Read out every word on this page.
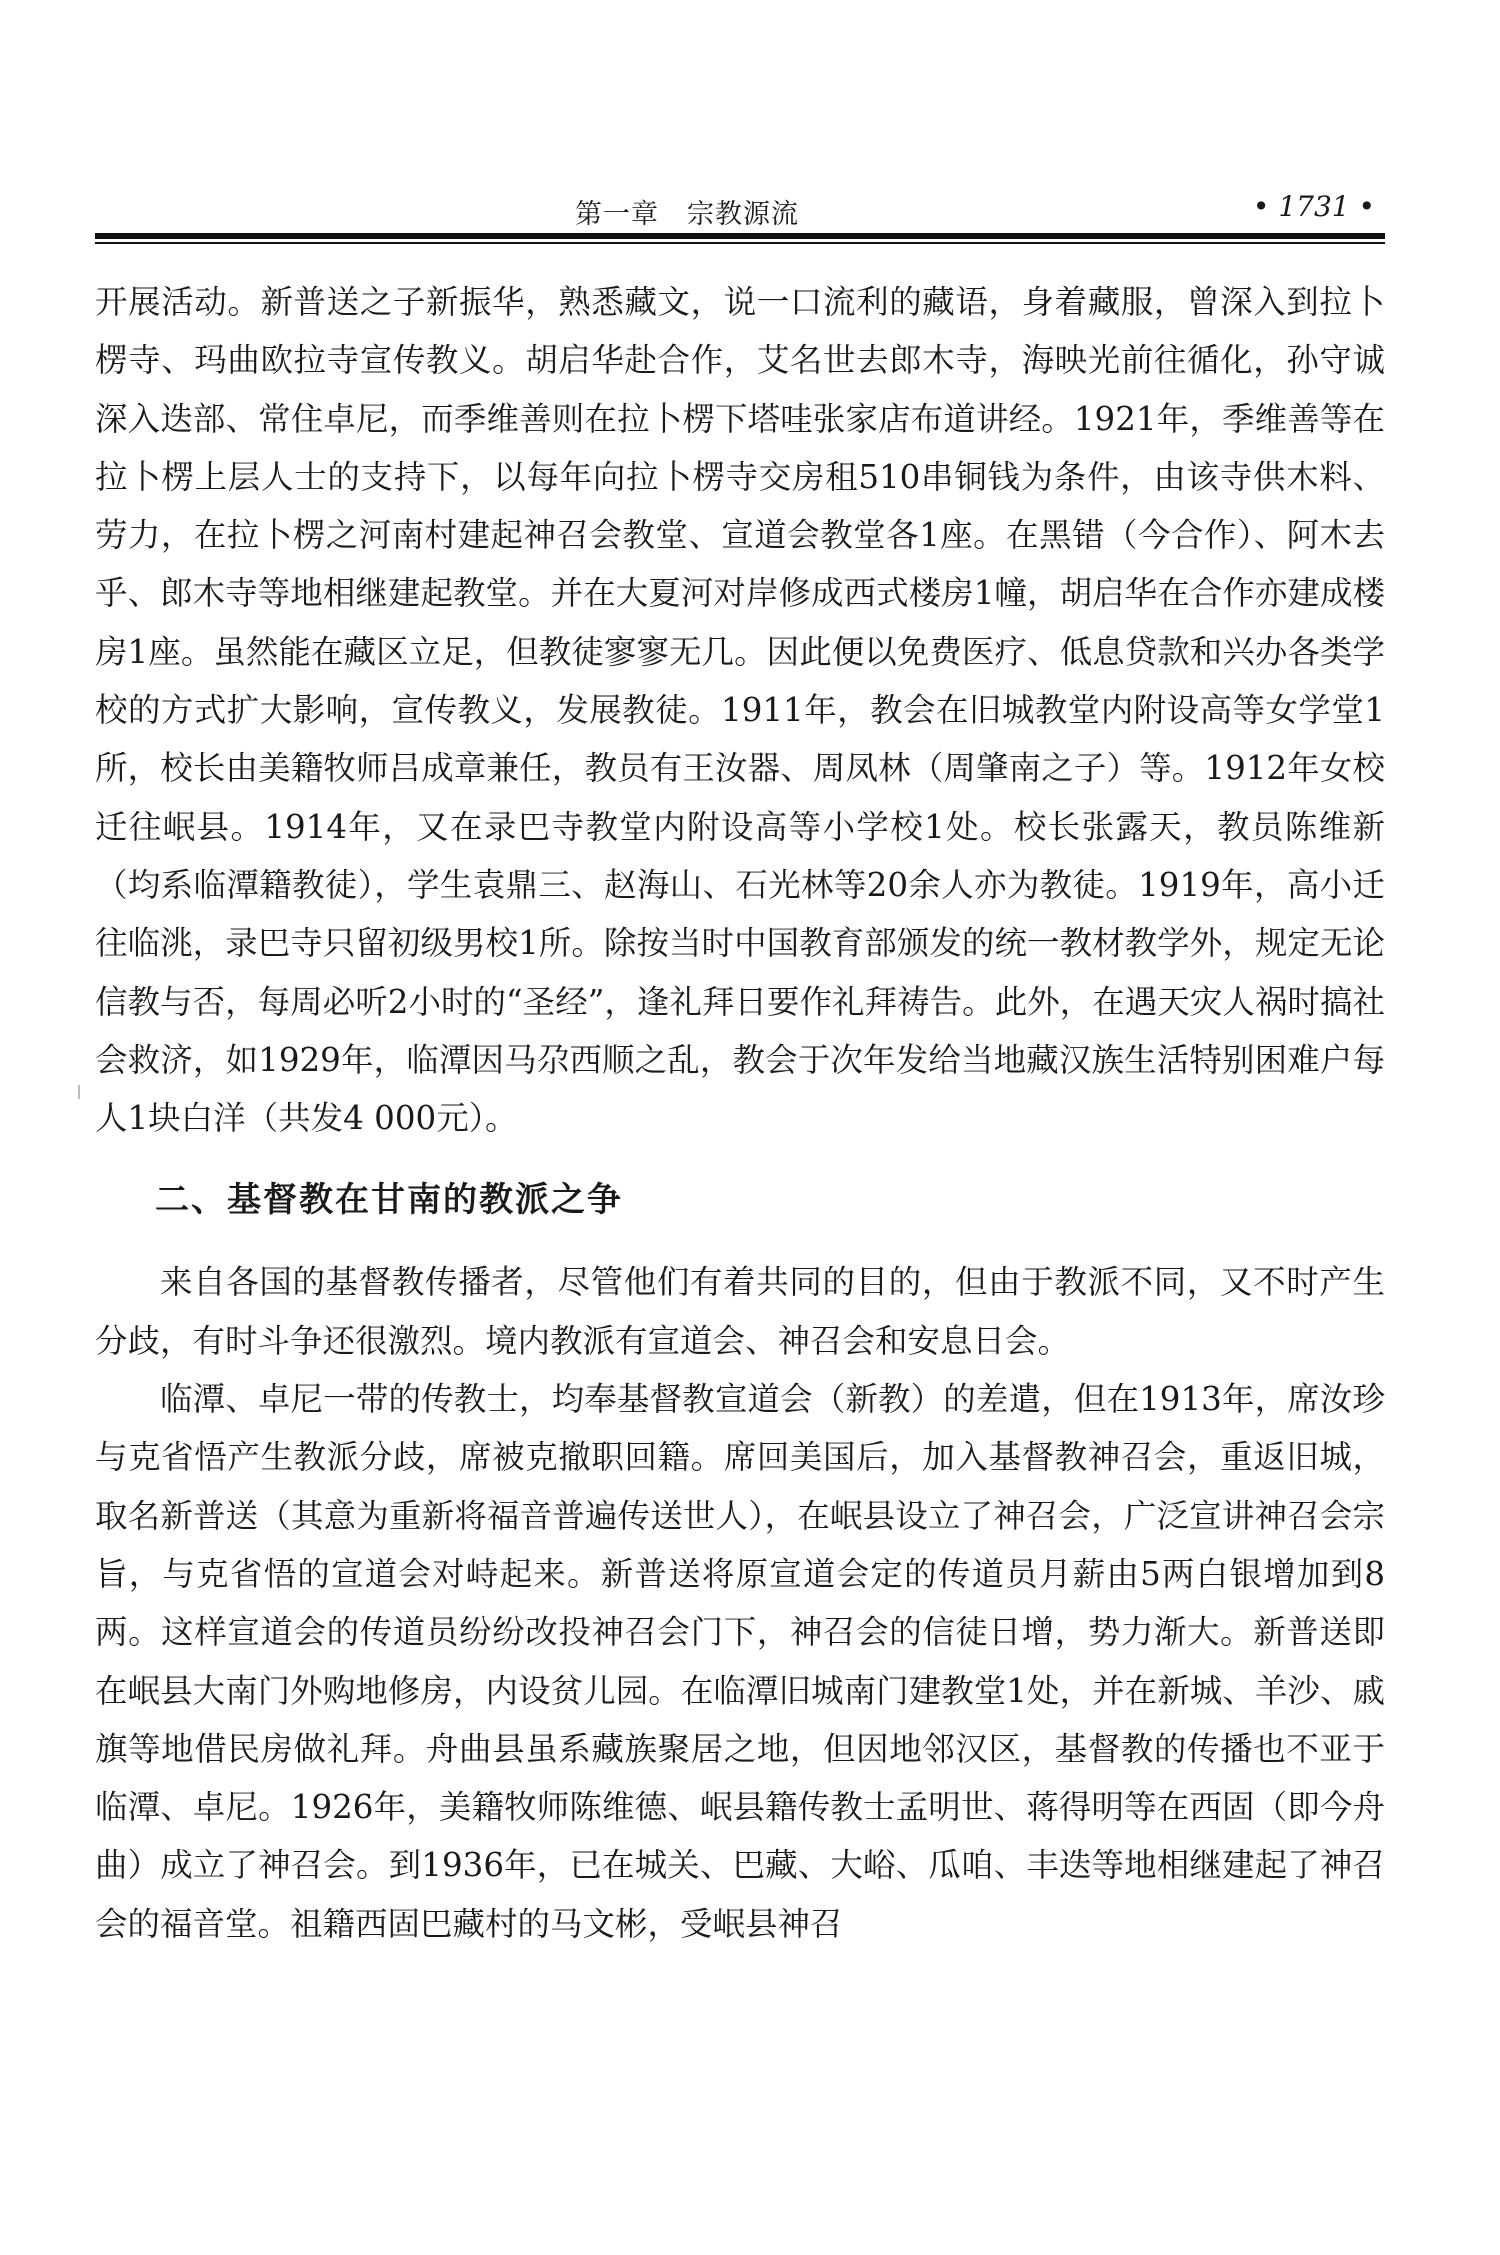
第一章　宗教源流	• 1731 •

开展活动。新普送之子新振华，熟悉藏文，说一口流利的藏语，身着藏服，曾深入到拉卜楞寺、玛曲欧拉寺宣传教义。胡启华赴合作，艾名世去郎木寺，海映光前往循化，孙守诚深入迭部、常住卓尼，而季维善则在拉卜楞下塔哇张家店布道讲经。1921年，季维善等在拉卜楞上层人士的支持下，以每年向拉卜楞寺交房租510串铜钱为条件，由该寺供木料、劳力，在拉卜楞之河南村建起神召会教堂、宣道会教堂各1座。在黑错（今合作）、阿木去乎、郎木寺等地相继建起教堂。并在大夏河对岸修成西式楼房1幢，胡启华在合作亦建成楼房1座。虽然能在藏区立足，但教徒寥寥无几。因此便以免费医疗、低息贷款和兴办各类学校的方式扩大影响，宣传教义，发展教徒。1911年，教会在旧城教堂内附设高等女学堂1所，校长由美籍牧师吕成章兼任，教员有王汝器、周凤林（周肇南之子）等。1912年女校迁往岷县。1914年，又在录巴寺教堂内附设高等小学校1处。校长张露天，教员陈维新（均系临潭籍教徒），学生袁鼎三、赵海山、石光林等20余人亦为教徒。1919年，高小迁往临洮，录巴寺只留初级男校1所。除按当时中国教育部颁发的统一教材教学外，规定无论信教与否，每周必听2小时的“圣经”，逢礼拜日要作礼拜祷告。此外，在遇天灾人祸时搞社会救济，如1929年，临潭因马尕西顺之乱，教会于次年发给当地藏汉族生活特别困难户每人1块白洋（共发4 000元）。

二、基督教在甘南的教派之争

来自各国的基督教传播者，尽管他们有着共同的目的，但由于教派不同，又不时产生分歧，有时斗争还很激烈。境内教派有宣道会、神召会和安息日会。

临潭、卓尼一带的传教士，均奉基督教宣道会（新教）的差遣，但在1913年，席汝珍与克省悟产生教派分歧，席被克撤职回籍。席回美国后，加入基督教神召会，重返旧城，取名新普送（其意为重新将福音普遍传送世人），在岷县设立了神召会，广泛宣讲神召会宗旨，与克省悟的宣道会对峙起来。新普送将原宣道会定的传道员月薪由5两白银增加到8两。这样宣道会的传道员纷纷改投神召会门下，神召会的信徒日增，势力渐大。新普送即在岷县大南门外购地修房，内设贫儿园。在临潭旧城南门建教堂1处，并在新城、羊沙、戚旗等地借民房做礼拜。舟曲县虽系藏族聚居之地，但因地邻汉区，基督教的传播也不亚于临潭、卓尼。1926年，美籍牧师陈维德、岷县籍传教士孟明世、蒋得明等在西固（即今舟曲）成立了神召会。到1936年，已在城关、巴藏、大峪、瓜咱、丰迭等地相继建起了神召会的福音堂。祖籍西固巴藏村的马文彬，受岷县神召
